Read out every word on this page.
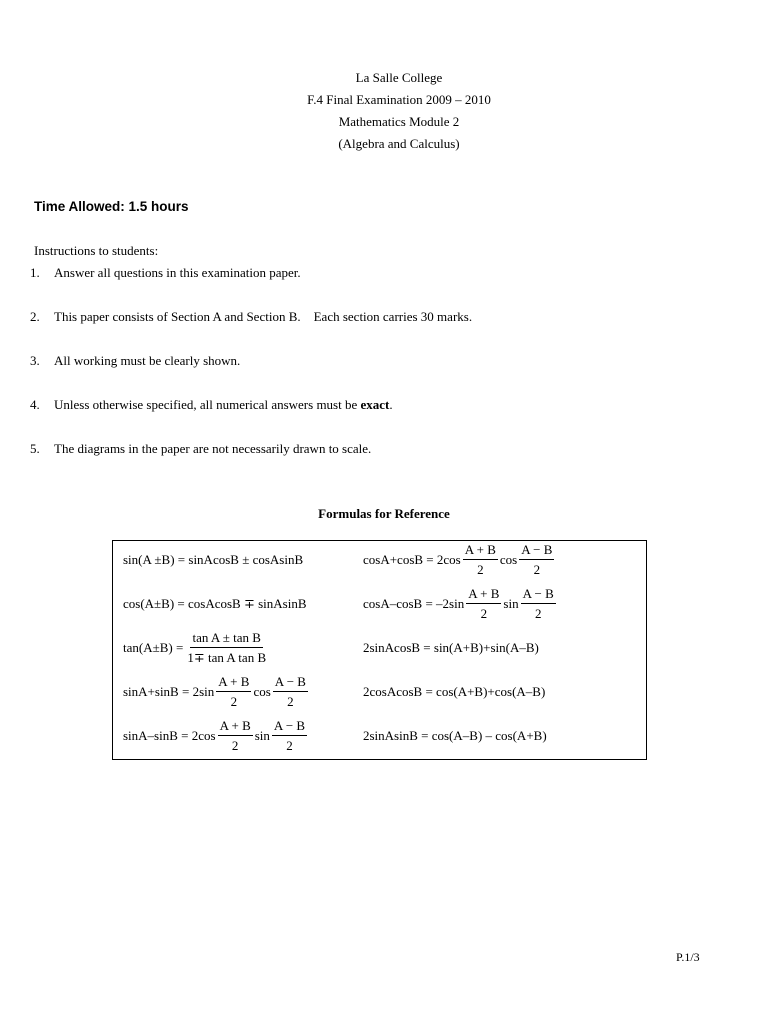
La Salle College
F.4 Final Examination 2009 – 2010
Mathematics Module 2
(Algebra and Calculus)
Time Allowed: 1.5 hours
Instructions to students:
1. Answer all questions in this examination paper.
2. This paper consists of Section A and Section B.    Each section carries 30 marks.
3. All working must be clearly shown.
4. Unless otherwise specified, all numerical answers must be exact.
5. The diagrams in the paper are not necessarily drawn to scale.
Formulas for Reference
sin(A ±B) = sinAcosB ± cosAsinB	$\cos A+\cos B = 2\cos \frac{A + B}{2}$ $\cos \frac{A - B}{2}$
cos(A±B) = cosAcosB ∓ sinAsinB	$\cos A-\cos B = -2\sin \frac{A + B}{2}$ $\sin \frac{A - B}{2}$
$\tan(A\pm B) = \frac{\text{tan A ± tan B}}{\text{1∓ tan A tan B}}$	2sinAcosB = sin(A+B)+sin(A–B)
$\sin A+\sin B = 2\sin \frac{A + B}{2}$ $\cos \frac{A - B}{2}$	2cosAcosB = cos(A+B)+cos(A–B)
$\sin A-\sin B = 2\cos \frac{A + B}{2}$ $\sin \frac{A - B}{2}$	2sinAsinB = cos(A–B) – cos(A+B)
P.1/3
